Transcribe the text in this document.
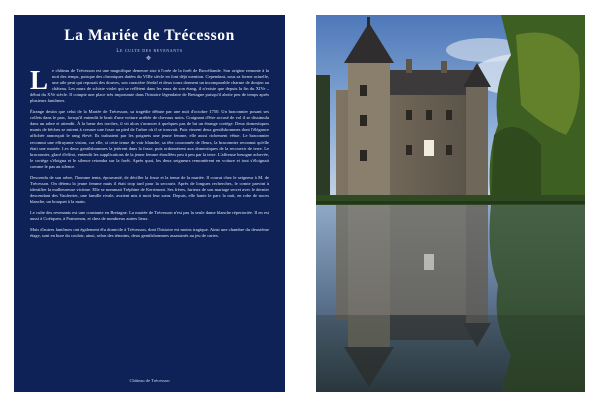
La Mariée de Trécesson
Le culte des revenants
✥

Le château de Trécesson est une magnifique demeure sise à l'orée de la forêt de Brocéliande. Son origine remonte à la nuit des temps, puisque des chroniques datées du VIIIe siècle en font déjà mention. Cependant, sous sa forme actuelle, une aile peut qui reposait des douves, son caractère féodal et deux tours donnent un incomparable charme de donjon au château. Les murs de schiste violet qui se reflètent dans les eaux de son étang, il n'existe que depuis la fin du XIVe – début du XVe siècle. Il compte une place très importante dans l'histoire légendaire de Bretagne puisqu'il abrite peu de temps après plusieurs fantômes.

Étrange destin que celui de la Mariée de Trécesson, sa tragédie débute par une nuit d'octobre 1750. Un braconnier posant ses collets dans le parc, lorsqu'il entendit le bruit d'une voiture arrêtée de chevaux noirs. Craignant d'être accusé de vol il se dissimula dans un arbre et attendit. À la lueur des torches, il vit alors s'avancer à quelques pas de lui un étrange cortège. Deux domestiques munis de bêches se mirent à creuser une fosse au pied de l'arbre où il se trouvait. Puis vinrent deux gentilshommes dont l'élégance affichée annonçait le rang élevé. Ils traînaient par les poignets une jeune femme, elle aussi richement vêtue. Le braconnier reconnut une effrayante vision, car elle, si cette tenue de voir blanche, sa tête couronnée de fleurs, la braconnier reconnut qu'elle était une mariée. Les deux gentilshommes la jetèrent dans la fosse, puis ordonnèrent aux domestiques de la recouvrir de terre. Le braconnier, glacé d'effroi, entendit les supplications de la jeune femme étouffées peu à peu par la terre. L'affreuse besogne achevée, le cortège s'éloigna et le silence retomba sur la forêt. Après quoi, les deux seigneurs remontèrent en voiture et tout s'éloignait comme le pas au silence.

Descendu de son arbre, l'homme tenta, épouvanté, de déciller la fosse et la tenue de la mariée. Il courut chez le seigneur à M. de Trécesson. On détenu la jeune femme mais il était trop tard pour la secourir. Après de longues recherches, le comte parvint à identifier la malheureuse victime. Elle se nommait Tréphine de Kerrimont. Ses frères, furieux de son mariage secret avec le dernier descendant des Vauferrier, une famille rivale, avaient mis à mort leur sœur. Depuis, elle hante le parc la nuit, en robe de noces blanche, un bouquet à la main.

Le culte des revenants est une constante en Bretagne. La mariée de Trécesson n'est pas la seule dame blanche répertoriée. Il en est aussi à Coëtquen, à Pontsenon, et chez de nombreux autres lieux.

Mais d'autres fantômes ont également élu domicile à Trécesson, dont l'histoire est moins tragique. Ainsi une chambre du deuxième étage, sont en bure du couloir, ainsi, selon des témoins, deux gentilshommes assassinés au jeu de cartes.

Château de Trécesson
